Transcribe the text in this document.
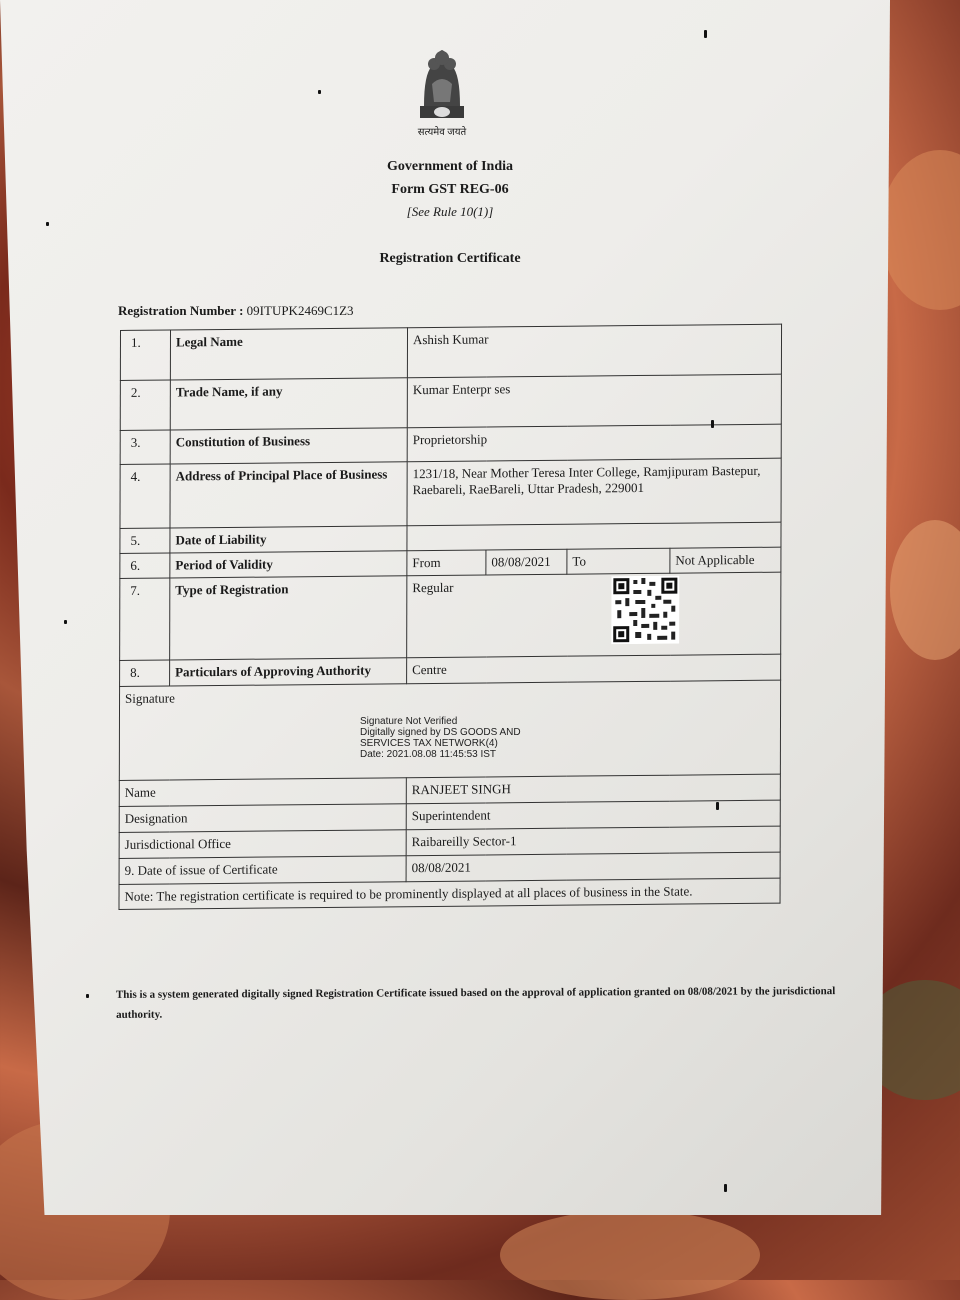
सत्यमेव जयते
Government of India
Form GST REG-06
[See Rule 10(1)]
Registration Certificate
Registration Number : 09ITUPK2469C1Z3
1.	Legal Name	Ashish Kumar			
2.	Trade Name, if any	Kumar Enterpr ses			
3.	Constitution of Business	Proprietorship			
4.	Address of Principal Place of Business	1231/18, Near Mother Teresa Inter College, Ramjipuram Bastepur, Raebareli, RaeBareli, Uttar Pradesh, 229001			
5.	Date of Liability				
6.	Period of Validity	From	08/08/2021	To	Not Applicable
7.	Type of Registration	Regular			
8.	Particulars of Approving Authority	Centre			
Signature					
Name		RANJEET SINGH			
Designation		Superintendent			
Jurisdictional Office		Raibareilly Sector-1			
9. Date of issue of Certificate		08/08/2021			
Note: The registration certificate is required to be prominently displayed at all places of business in the State.					
Signature Not Verified
Digitally signed by DS GOODS AND
SERVICES TAX NETWORK(4)
Date: 2021.08.08 11:45:53 IST
This is a system generated digitally signed Registration Certificate issued based on the approval of application granted on 08/08/2021 by the jurisdictional authority.
